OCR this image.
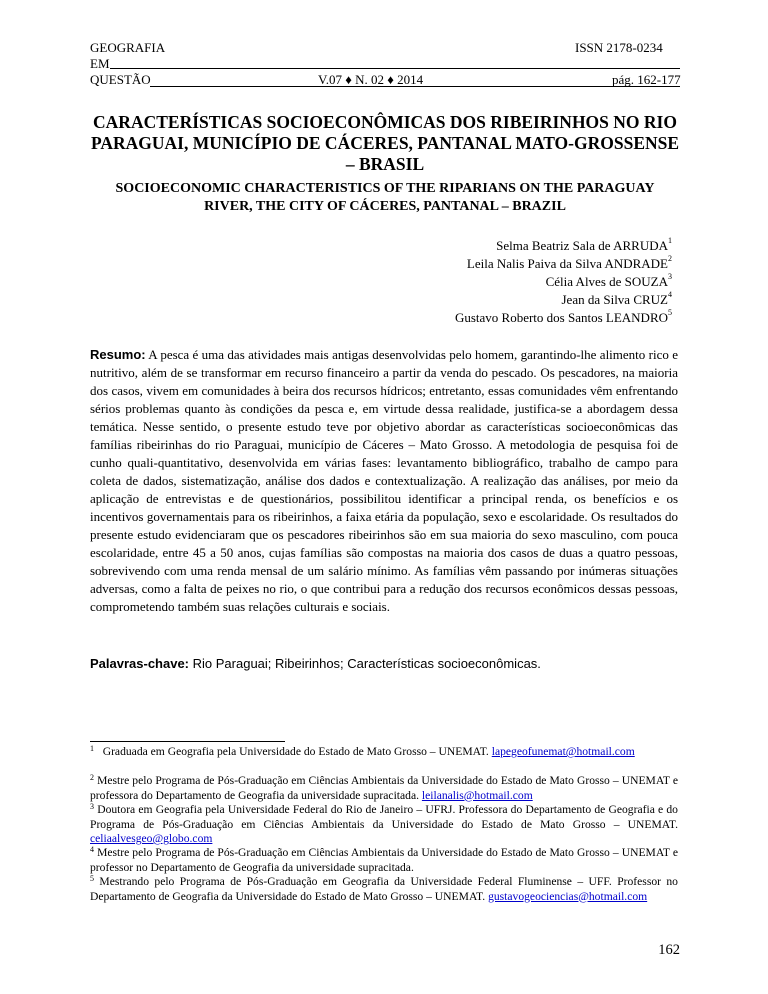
GEOGRAFIA
EM
QUESTÃO
ISSN 2178-0234
V.07 ♦ N. 02 ♦ 2014	pág. 162-177
CARACTERÍSTICAS SOCIOECONÔMICAS DOS RIBEIRINHOS NO RIO PARAGUAI, MUNICÍPIO DE CÁCERES, PANTANAL MATO-GROSSENSE – BRASIL
SOCIOECONOMIC CHARACTERISTICS OF THE RIPARIANS ON THE PARAGUAY RIVER, THE CITY OF CÁCERES, PANTANAL – BRAZIL
Selma Beatriz Sala de ARRUDA$^1$
Leila Nalis Paiva da Silva ANDRADE$^2$
Célia Alves de SOUZA$^3$
Jean da Silva CRUZ$^4$
Gustavo Roberto dos Santos LEANDRO$^5$
Resumo: A pesca é uma das atividades mais antigas desenvolvidas pelo homem, garantindo-lhe alimento rico e nutritivo, além de se transformar em recurso financeiro a partir da venda do pescado. Os pescadores, na maioria dos casos, vivem em comunidades à beira dos recursos hídricos; entretanto, essas comunidades vêm enfrentando sérios problemas quanto às condições da pesca e, em virtude dessa realidade, justifica-se a abordagem dessa temática. Nesse sentido, o presente estudo teve por objetivo abordar as características socioeconômicas das famílias ribeirinhas do rio Paraguai, município de Cáceres – Mato Grosso. A metodologia de pesquisa foi de cunho quali-quantitativo, desenvolvida em várias fases: levantamento bibliográfico, trabalho de campo para coleta de dados, sistematização, análise dos dados e contextualização. A realização das análises, por meio da aplicação de entrevistas e de questionários, possibilitou identificar a principal renda, os benefícios e os incentivos governamentais para os ribeirinhos, a faixa etária da população, sexo e escolaridade. Os resultados do presente estudo evidenciaram que os pescadores ribeirinhos são em sua maioria do sexo masculino, com pouca escolaridade, entre 45 a 50 anos, cujas famílias são compostas na maioria dos casos de duas a quatro pessoas, sobrevivendo com uma renda mensal de um salário mínimo. As famílias vêm passando por inúmeras situações adversas, como a falta de peixes no rio, o que contribui para a redução dos recursos econômicos dessas pessoas, comprometendo também suas relações culturais e sociais.
Palavras-chave: Rio Paraguai; Ribeirinhos; Características socioeconômicas.
$^1$ Graduada em Geografia pela Universidade do Estado de Mato Grosso – UNEMAT. lapegeofunemat@hotmail.com
$^2$ Mestre pelo Programa de Pós-Graduação em Ciências Ambientais da Universidade do Estado de Mato Grosso – UNEMAT e professora do Departamento de Geografia da universidade supracitada. leilanalis@hotmail.com
$^3$ Doutora em Geografia pela Universidade Federal do Rio de Janeiro – UFRJ. Professora do Departamento de Geografia e do Programa de Pós-Graduação em Ciências Ambientais da Universidade do Estado de Mato Grosso – UNEMAT. celiaalvesgeo@globo.com
$^4$ Mestre pelo Programa de Pós-Graduação em Ciências Ambientais da Universidade do Estado de Mato Grosso – UNEMAT e professor no Departamento de Geografia da universidade supracitada.
$^5$ Mestrando pelo Programa de Pós-Graduação em Geografia da Universidade Federal Fluminense – UFF. Professor no Departamento de Geografia da Universidade do Estado de Mato Grosso – UNEMAT. gustavogeociencias@hotmail.com
162
